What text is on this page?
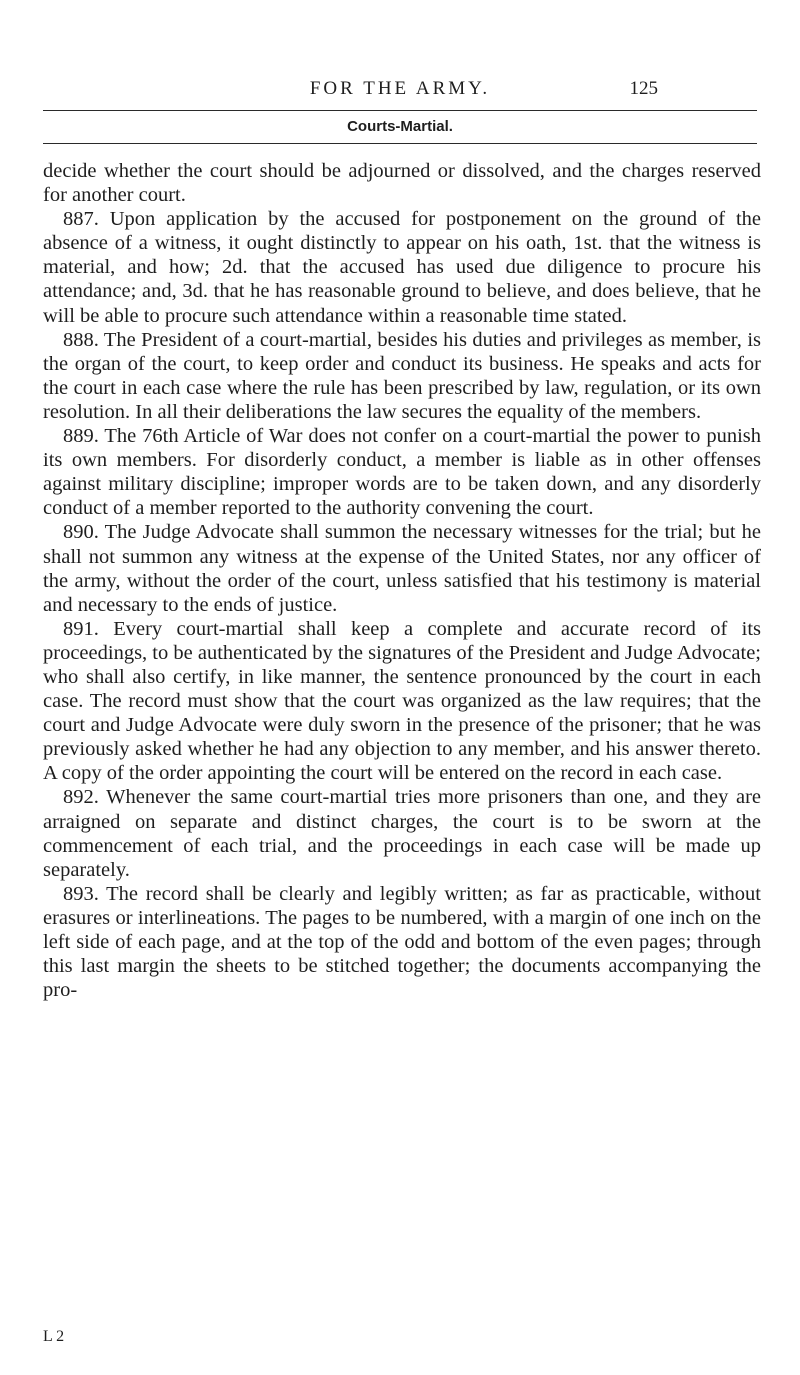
FOR THE ARMY.	125
Courts-Martial.

decide whether the court should be adjourned or dissolved, and the charges reserved for another court.

887. Upon application by the accused for postponement on the ground of the absence of a witness, it ought distinctly to appear on his oath, 1st. that the witness is material, and how; 2d. that the accused has used due diligence to procure his attendance; and, 3d. that he has reasonable ground to believe, and does believe, that he will be able to procure such attendance within a reasonable time stated.

888. The President of a court-martial, besides his duties and privileges as member, is the organ of the court, to keep order and conduct its business. He speaks and acts for the court in each case where the rule has been prescribed by law, regulation, or its own resolution. In all their deliberations the law secures the equality of the members.

889. The 76th Article of War does not confer on a court-martial the power to punish its own members. For disorderly conduct, a member is liable as in other offenses against military discipline; improper words are to be taken down, and any disorderly conduct of a member reported to the authority convening the court.

890. The Judge Advocate shall summon the necessary witnesses for the trial; but he shall not summon any witness at the expense of the United States, nor any officer of the army, without the order of the court, unless satisfied that his testimony is material and necessary to the ends of justice.

891. Every court-martial shall keep a complete and accurate record of its proceedings, to be authenticated by the signatures of the President and Judge Advocate; who shall also certify, in like manner, the sentence pronounced by the court in each case. The record must show that the court was organized as the law requires; that the court and Judge Advocate were duly sworn in the presence of the prisoner; that he was previously asked whether he had any objection to any member, and his answer thereto. A copy of the order appointing the court will be entered on the record in each case.

892. Whenever the same court-martial tries more prisoners than one, and they are arraigned on separate and distinct charges, the court is to be sworn at the commencement of each trial, and the proceedings in each case will be made up separately.

893. The record shall be clearly and legibly written; as far as practicable, without erasures or interlineations. The pages to be numbered, with a margin of one inch on the left side of each page, and at the top of the odd and bottom of the even pages; through this last margin the sheets to be stitched together; the documents accompanying the pro-

L 2
